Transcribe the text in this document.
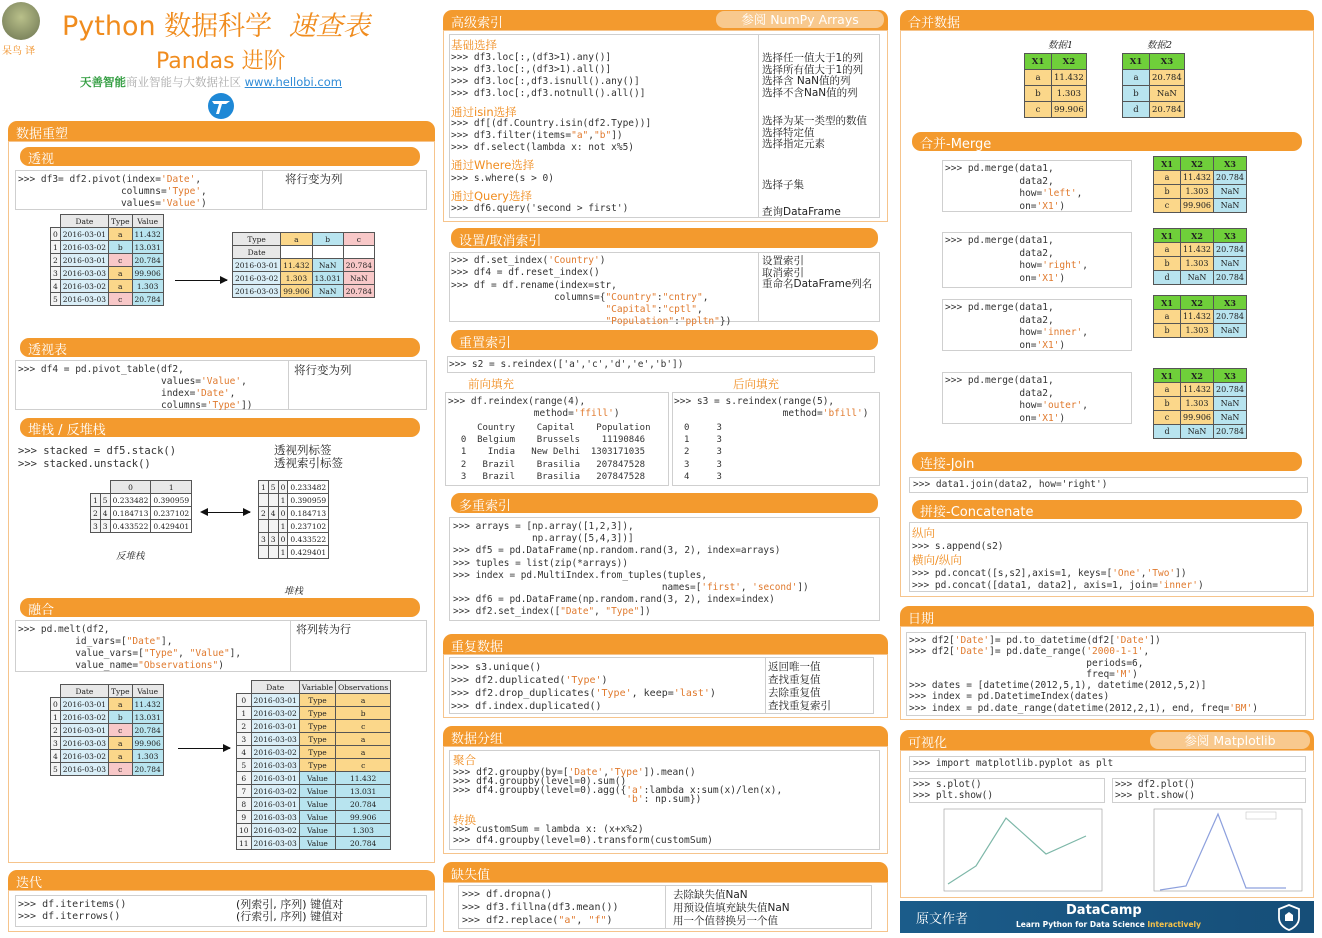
呆鸟 译
Python 数据科学 速查表
Pandas 进阶
天善智能商业智能与大数据社区 www.hellobi.com
数据重塑
透视
>>> df3= df2.pivot(index='Date',
columns='Type',
values='Value')
将行变为列
	Date	Type	Value
0	2016-03-01	a	11.432
1	2016-03-02	b	13.031
2	2016-03-01	c	20.784
3	2016-03-03	a	99.906
4	2016-03-02	a	1.303
5	2016-03-03	c	20.784
Type	a	b	c
Date			
2016-03-01	11.432	NaN	20.784
2016-03-02	1.303	13.031	NaN
2016-03-03	99.906	NaN	20.784
透视表
>>> df4 = pd.pivot_table(df2,
values='Value',
index='Date',
columns='Type'])
将行变为列
堆栈 / 反堆栈
>>> stacked = df5.stack()
>>> stacked.unstack()
透视列标签
透视索引标签
		0	1
1	5	0.233482	0.390959
2	4	0.184713	0.237102
3	3	0.433522	0.429401
反堆栈
1	5	0	0.233482
		1	0.390959
2	4	0	0.184713
		1	0.237102
3	3	0	0.433522
		1	0.429401
堆栈
融合
>>> pd.melt(df2,
id_vars=["Date"],
value_vars=["Type", "Value"],
value_name="Observations")
将列转为行
	Date	Type	Value
0	2016-03-01	a	11.432
1	2016-03-02	b	13.031
2	2016-03-01	c	20.784
3	2016-03-03	a	99.906
4	2016-03-02	a	1.303
5	2016-03-03	c	20.784
	Date	Variable	Observations
0	2016-03-01	Type	a
1	2016-03-02	Type	b
2	2016-03-01	Type	c
3	2016-03-03	Type	a
4	2016-03-02	Type	a
5	2016-03-03	Type	c
6	2016-03-01	Value	11.432
7	2016-03-02	Value	13.031
8	2016-03-01	Value	20.784
9	2016-03-03	Value	99.906
10	2016-03-02	Value	1.303
11	2016-03-03	Value	20.784
迭代
>>> df.iteritems()
>>> df.iterrows()
(列索引, 序列) 键值对
(行索引, 序列) 键值对
高级索引	参阅 NumPy Arrays
基础选择
>>> df3.loc[:,(df3>1).any()]
>>> df3.loc[:,(df3>1).all()]
>>> df3.loc[:,df3.isnull().any()]
>>> df3.loc[:,df3.notnull().all()]
选择任一值大于1的列
选择所有值大于1的列
选择含 NaN值的列
选择不含NaN值的列
通过isin选择
>>> df[(df.Country.isin(df2.Type))]
>>> df3.filter(items="a","b"])
>>> df.select(lambda x: not x%5)
选择为某一类型的数值
选择特定值
选择指定元素
通过Where选择
>>> s.where(s > 0)
选择子集
通过Query选择
>>> df6.query('second > first')	查询DataFrame
设置/取消索引
>>> df.set_index('Country')
>>> df4 = df.reset_index()
>>> df = df.rename(index=str,
columns={"Country":"cntry",
"Capital":"cptl",
"Population":"ppltn"})
设置索引
取消索引
重命名DataFrame列名
重置索引
>>> s2 = s.reindex(['a','c','d','e','b'])
前向填充	后向填充
>>> df.reindex(range(4),
method='ffill')
Country    Capital    Population
0  Belgium    Brussels    11190846
1    India   New Delhi  1303171035
2   Brazil    Brasilia   207847528
3   Brazil    Brasilia   207847528
>>> s3 = s.reindex(range(5),
method='bfill')
0     3
1     3
2     3
3     3
4     3
多重索引
>>> arrays = [np.array([1,2,3]),
np.array([5,4,3])]
>>> df5 = pd.DataFrame(np.random.rand(3, 2), index=arrays)
>>> tuples = list(zip(*arrays))
>>> index = pd.MultiIndex.from_tuples(tuples,
names=['first', 'second'])
>>> df6 = pd.DataFrame(np.random.rand(3, 2), index=index)
>>> df2.set_index(["Date", "Type"])
重复数据
>>> s3.unique()
>>> df2.duplicated('Type')
>>> df2.drop_duplicates('Type', keep='last')
>>> df.index.duplicated()
返回唯一值
查找重复值
去除重复值
查找重复索引
数据分组
聚合
>>> df2.groupby(by=['Date','Type']).mean()
>>> df4.groupby(level=0).sum()
>>> df4.groupby(level=0).agg({'a':lambda x:sum(x)/len(x),
'b': np.sum})
转换
>>> customSum = lambda x: (x+x%2)
>>> df4.groupby(level=0).transform(customSum)
缺失值
>>> df.dropna()
>>> df3.fillna(df3.mean())
>>> df2.replace("a", "f")
去除缺失值NaN
用预设值填充缺失值NaN
用一个值替换另一个值
合并数据
数据1	数据2
X1	X2
a	11.432
b	1.303
c	99.906
X1	X3
a	20.784
b	NaN
d	20.784
合并-Merge
>>> pd.merge(data1,
data2,
how='left',
on='X1')
X1	X2	X3
a	11.432	20.784
b	1.303	NaN
c	99.906	NaN
>>> pd.merge(data1,
data2,
how='right',
on='X1')
X1	X2	X3
a	11.432	20.784
b	1.303	NaN
d	NaN	20.784
>>> pd.merge(data1,
data2,
how='inner',
on='X1')
X1	X2	X3
a	11.432	20.784
b	1.303	NaN
>>> pd.merge(data1,
data2,
how='outer',
on='X1')
X1	X2	X3
a	11.432	20.784
b	1.303	NaN
c	99.906	NaN
d	NaN	20.784
连接-Join
>>> data1.join(data2, how='right')
拼接-Concatenate
纵向
>>> s.append(s2)
横向/纵向
>>> pd.concat([s,s2],axis=1, keys=['One','Two'])
>>> pd.concat([data1, data2], axis=1, join='inner')
日期
>>> df2['Date']= pd.to_datetime(df2['Date'])
>>> df2['Date']= pd.date_range('2000-1-1',
periods=6,
freq='M')
>>> dates = [datetime(2012,5,1), datetime(2012,5,2)]
>>> index = pd.DatetimeIndex(dates)
>>> index = pd.date_range(datetime(2012,2,1), end, freq='BM')
可视化	参阅 Matplotlib
>>> import matplotlib.pyplot as plt
>>> s.plot()
>>> plt.show()
>>> df2.plot()
>>> plt.show()
原文作者
DataCamp
Learn Python for Data Science Interactively
